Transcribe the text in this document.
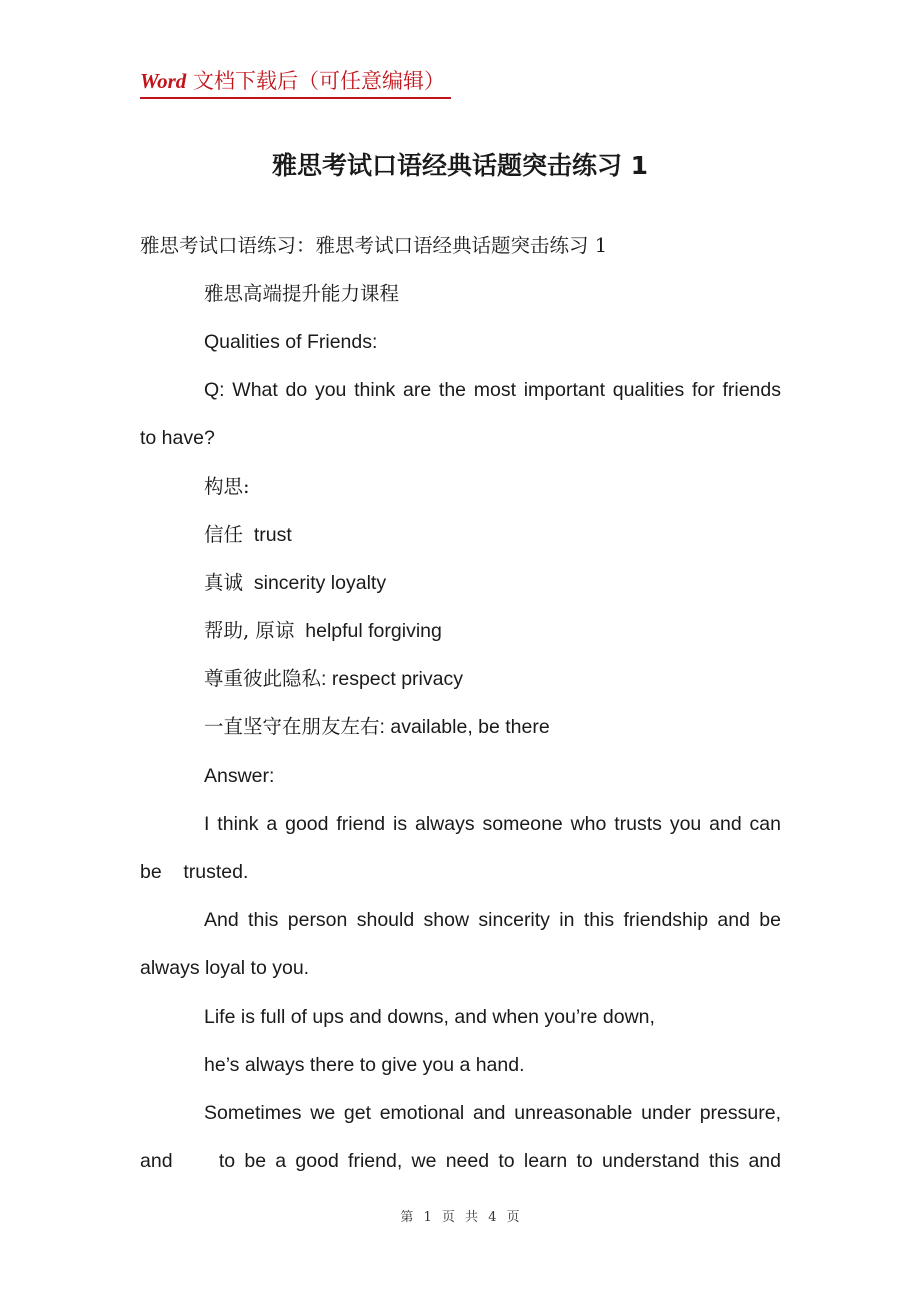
Word 文档下载后（可任意编辑）
雅思考试口语经典话题突击练习 1
雅思考试口语练习：雅思考试口语经典话题突击练习 1
雅思高端提升能力课程
Qualities of Friends:
Q: What do you think are the most important qualities for friends
to have?
构思:
信任 trust
真诚 sincerity loyalty
帮助, 原谅 helpful forgiving
尊重彼此隐私: respect privacy
一直坚守在朋友左右: available, be there
Answer:
I think a good friend is always someone who trusts you and can
be    trusted.
And this person should show sincerity in this friendship and be
always loyal to you.
Life is full of ups and downs, and when you’re down,
he’s always there to give you a hand.
Sometimes we get emotional and unreasonable under pressure,
and     to be a good friend, we need to learn to understand this and
第 1 页 共 4 页
